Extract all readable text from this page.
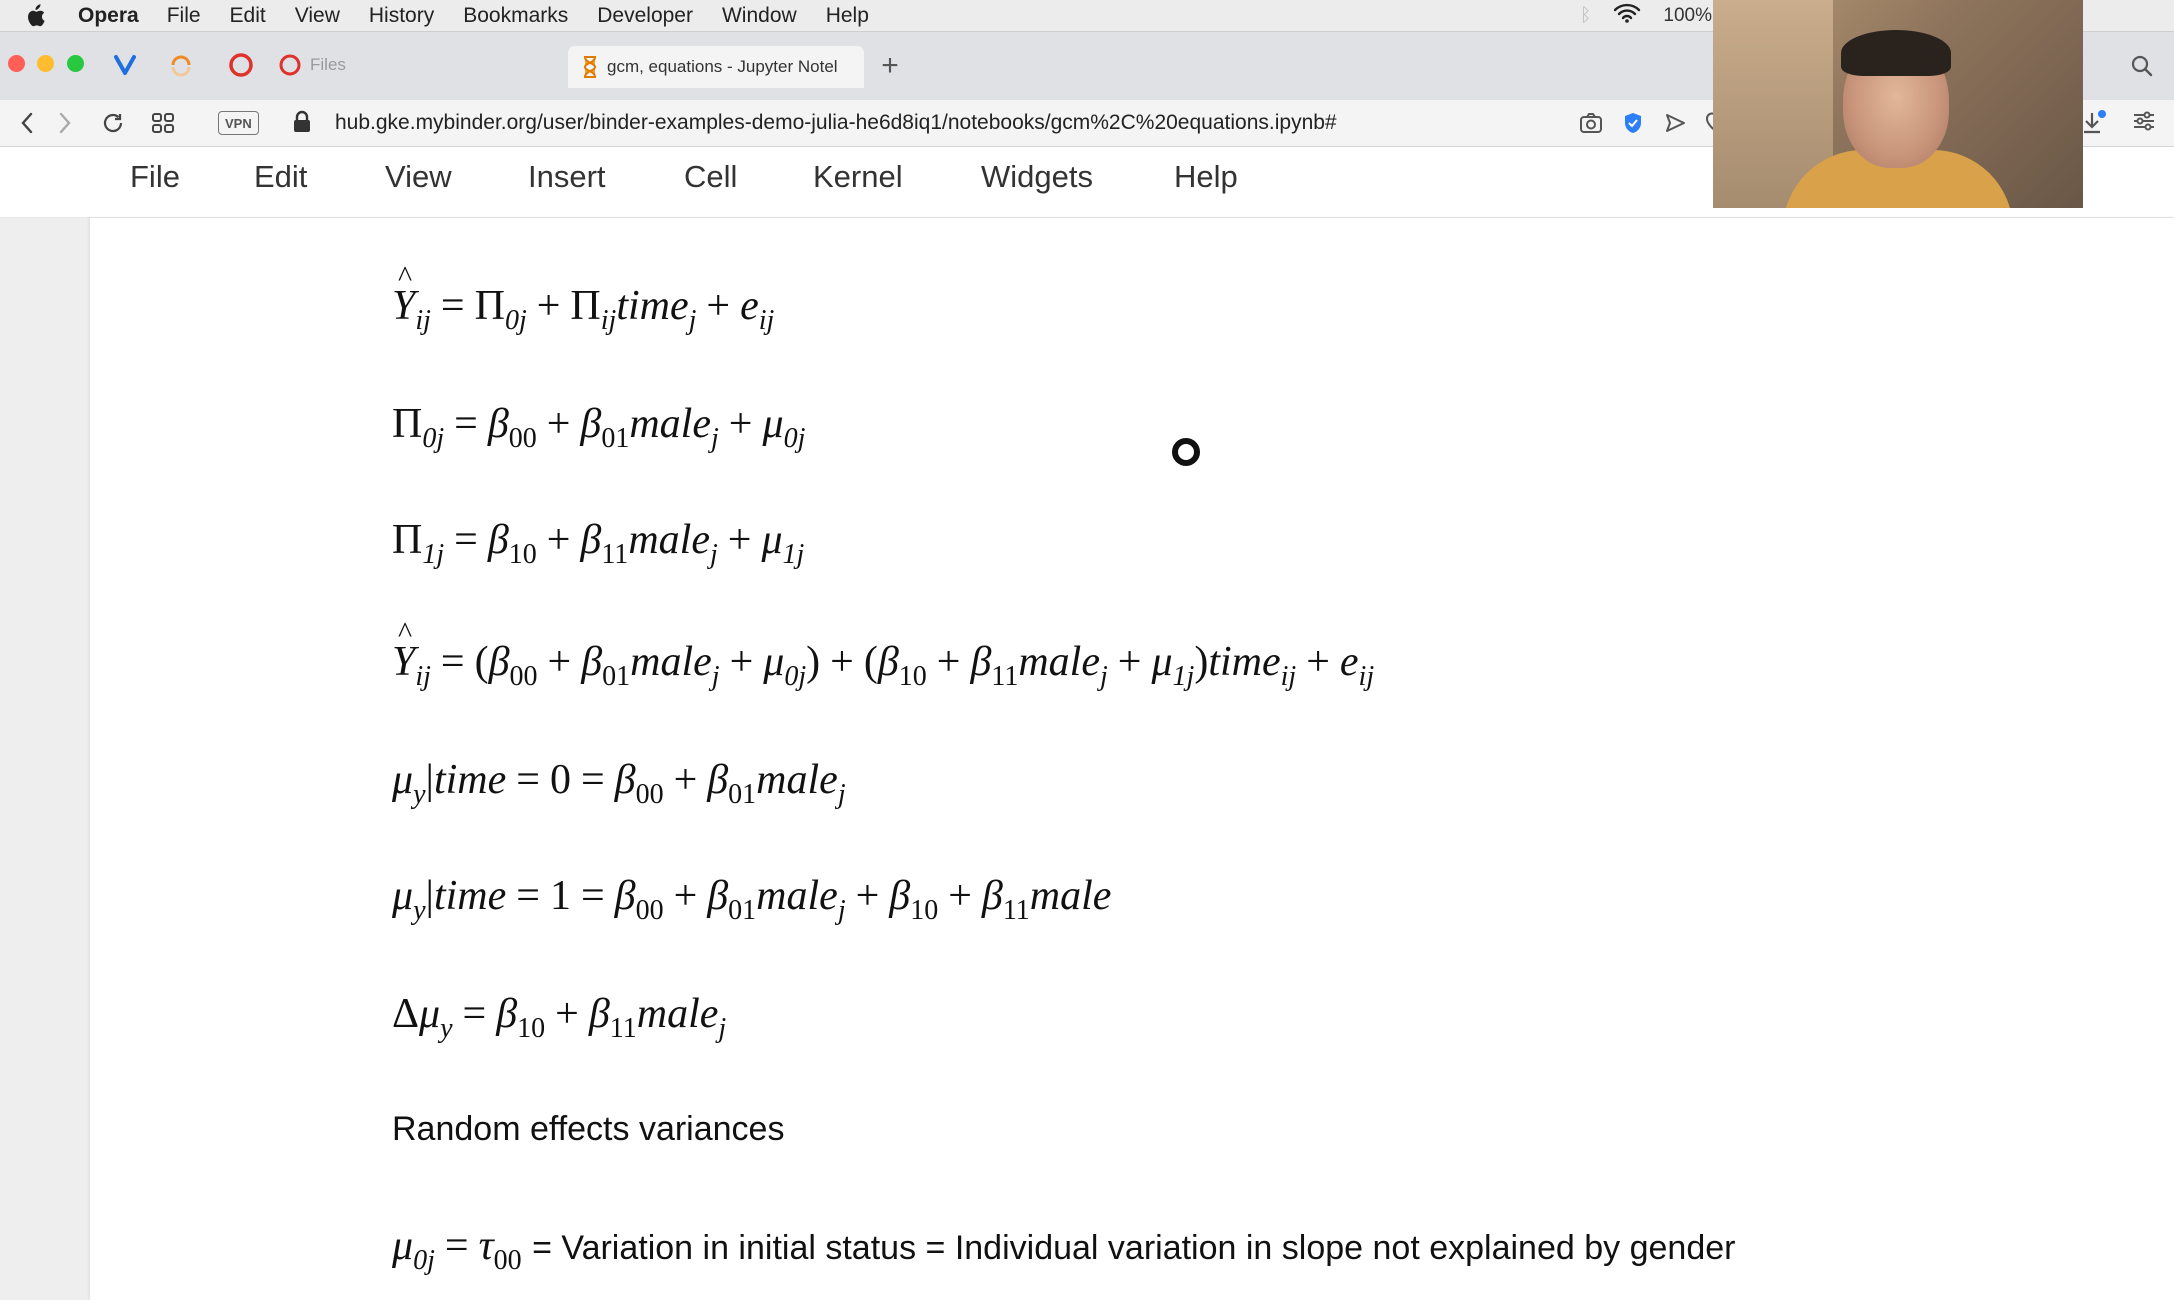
Opera File Edit View History Bookmarks Developer Window Help	ᛒ	100%
Files	gcm, equations - Jupyter Notel +
VPN	hub.gke.mybinder.org/user/binder-examples-demo-julia-he6d8iq1/notebooks/gcm%2C%20equations.ipynb#
File Edit	View Insert	Cell Kernel	Widgets	Help
^ $Y_{ij} = \Pi_{0j}$ + $\Pi_{ij}time_j + e_{ij}$
$\Pi_{0j} = \beta_{00}$ + $\beta_{01}male_j + \mu_{0j}$
$\Pi_{1j} = \beta_{10}$ + $\beta_{11}male_j + \mu_{1j}$
^ $Y_{ij} = (\beta_{00}$ + $\beta_{01}male_j + \mu_{0j}) + (\beta_{10}$ + $\beta_{11}male_j$ + $\mu_{1j})time_{ij} + e_{ij}$
$\mu_y|time = 0 = \beta_{00}$ + $\beta_{01}male_j$
$\mu_y|time = 1 = \beta_{00}$ + $\beta_{01}male_j + \beta_{10}$ + $\beta_{11}male$
$\Delta\mu_y = \beta_{10}$ + $\beta_{11}male_j$
Random effects variances
$\mu_{0j} = \tau_{00}$ = Variation in initial status = Individual variation in slope not explained by gender
